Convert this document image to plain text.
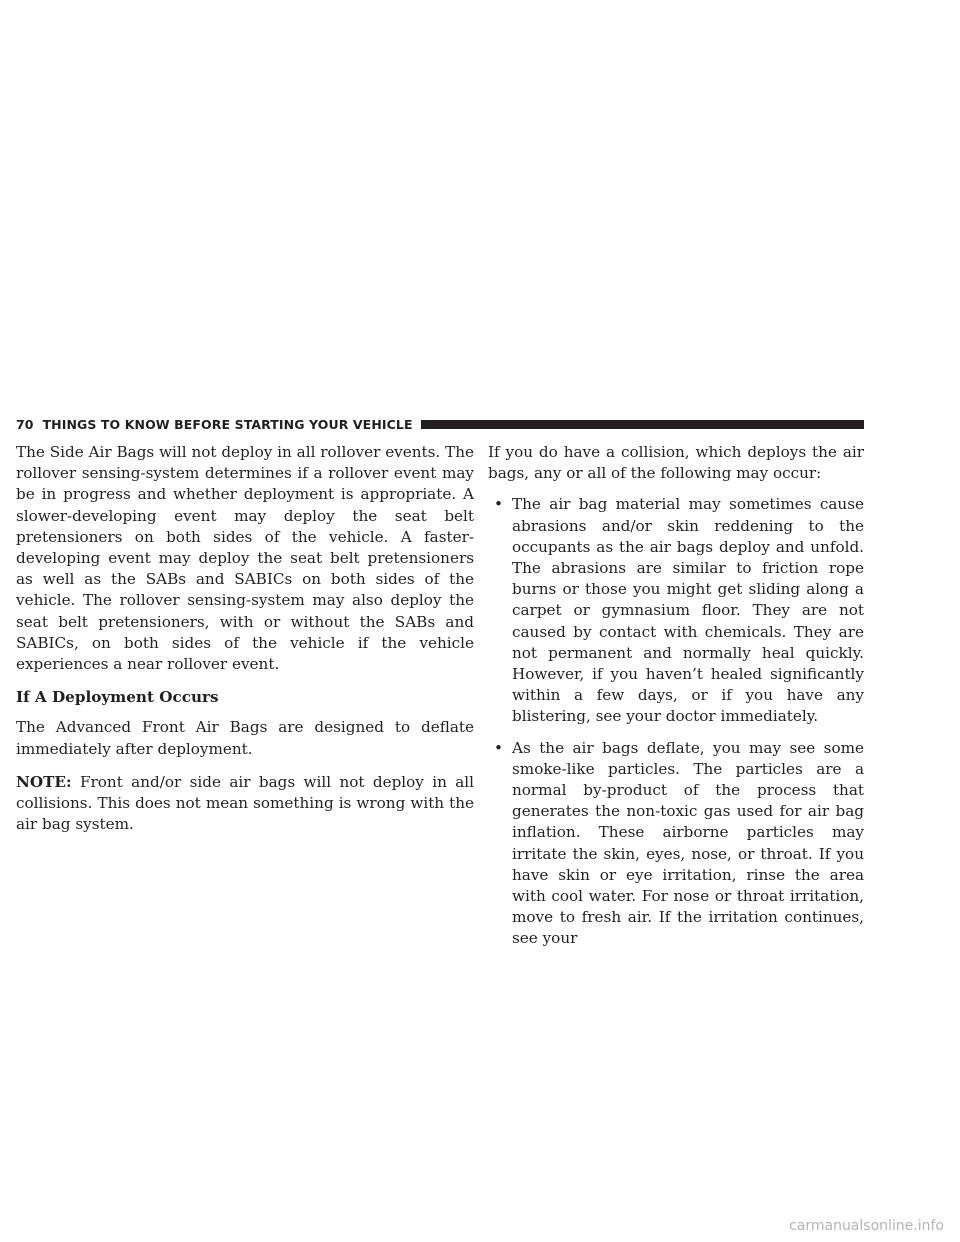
70 THINGS TO KNOW BEFORE STARTING YOUR VEHICLE

The Side Air Bags will not deploy in all rollover events. The rollover sensing-system determines if a rollover event may be in progress and whether deployment is appropriate. A slower-developing event may deploy the seat belt pretensioners on both sides of the vehicle. A faster-developing event may deploy the seat belt pretensioners as well as the SABs and SABICs on both sides of the vehicle. The rollover sensing-system may also deploy the seat belt pretensioners, with or without the SABs and SABICs, on both sides of the vehicle if the vehicle experiences a near rollover event.

If A Deployment Occurs

The Advanced Front Air Bags are designed to deflate immediately after deployment.

NOTE: Front and/or side air bags will not deploy in all collisions. This does not mean something is wrong with the air bag system.

If you do have a collision, which deploys the air bags, any or all of the following may occur:

• The air bag material may sometimes cause abrasions and/or skin reddening to the occupants as the air bags deploy and unfold. The abrasions are similar to friction rope burns or those you might get sliding along a carpet or gymnasium floor. They are not caused by contact with chemicals. They are not permanent and normally heal quickly. However, if you haven’t healed significantly within a few days, or if you have any blistering, see your doctor immediately.
• As the air bags deflate, you may see some smoke-like particles. The particles are a normal by-product of the process that generates the non-toxic gas used for air bag inflation. These airborne particles may irritate the skin, eyes, nose, or throat. If you have skin or eye irritation, rinse the area with cool water. For nose or throat irritation, move to fresh air. If the irritation continues, see your
carmanualsonline.info
